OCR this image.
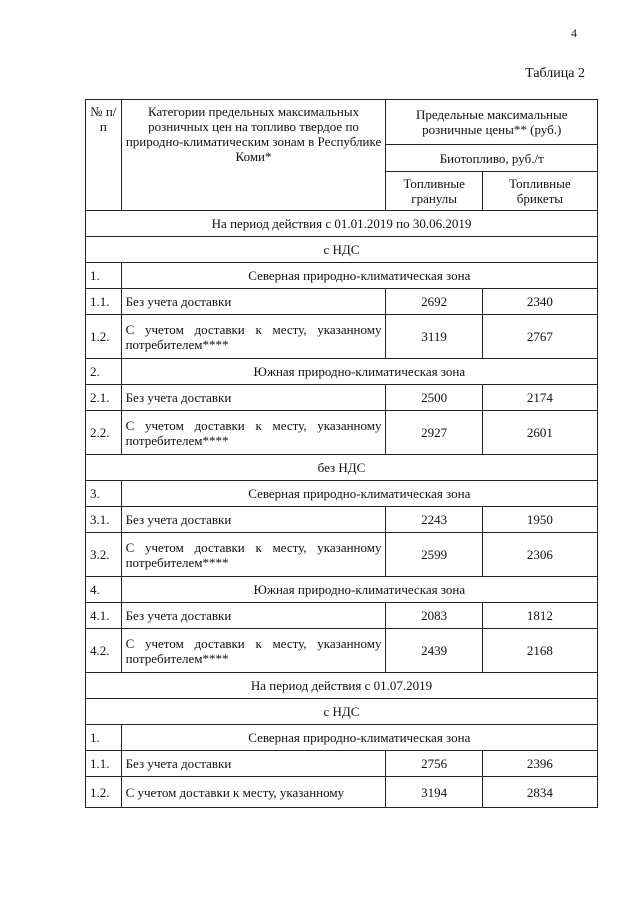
4
Таблица 2
№ п/п	Категории предельных максимальных розничных цен на топливо твердое по природно-климатическим зонам в Республике Коми*	Предельные максимальные розничные цены** (руб.)	
		Биотопливо, руб./т	
		Топливные гранулы	Топливные брикеты
На период действия с 01.01.2019 по 30.06.2019			
с НДС			
1.	Северная природно-климатическая зона		
1.1.	Без учета доставки	2692	2340
1.2.	С учетом доставки к месту, указанному потребителем****	3119	2767
2.	Южная природно-климатическая зона		
2.1.	Без учета доставки	2500	2174
2.2.	С учетом доставки к месту, указанному потребителем****	2927	2601
без НДС			
3.	Северная природно-климатическая зона		
3.1.	Без учета доставки	2243	1950
3.2.	С учетом доставки к месту, указанному потребителем****	2599	2306
4.	Южная природно-климатическая зона		
4.1.	Без учета доставки	2083	1812
4.2.	С учетом доставки к месту, указанному потребителем****	2439	2168
На период действия с 01.07.2019			
с НДС			
1.	Северная природно-климатическая зона		
1.1.	Без учета доставки	2756	2396
1.2.	С учетом доставки к месту, указанному	3194	2834
